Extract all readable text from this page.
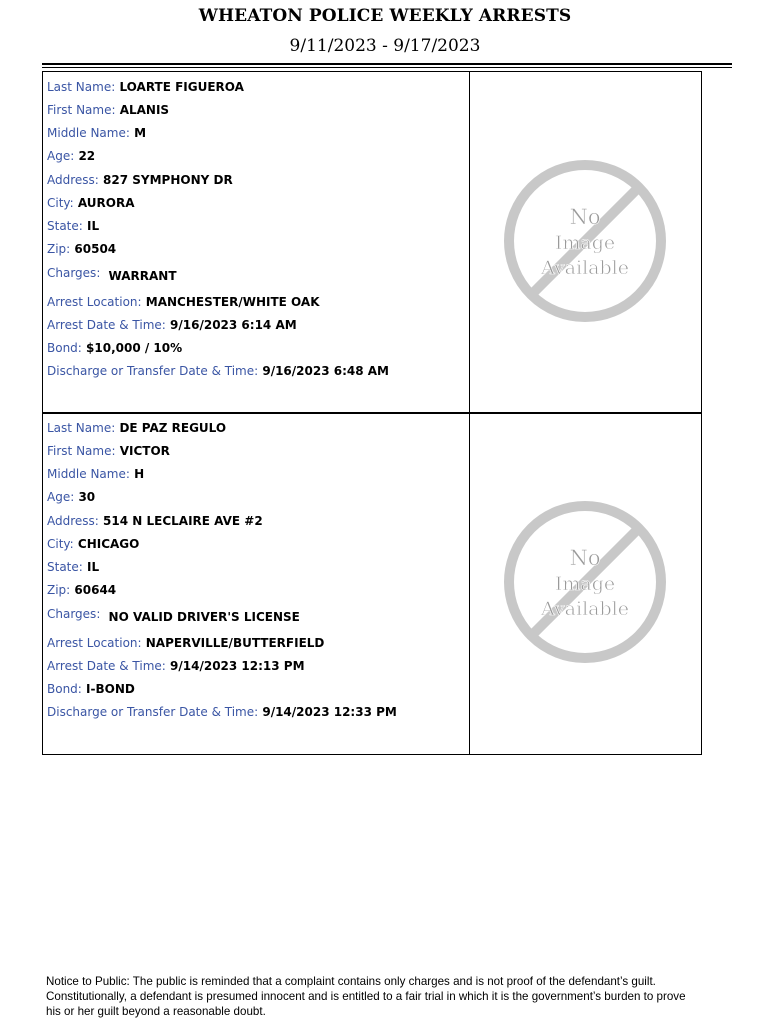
WHEATON POLICE WEEKLY ARRESTS
9/11/2023 - 9/17/2023
Last Name: LOARTE FIGUEROA
First Name: ALANIS
Middle Name: M
Age: 22
Address: 827 SYMPHONY DR
City: AURORA
State: IL
Zip: 60504
Charges: WARRANT
Arrest Location: MANCHESTER/WHITE OAK
Arrest Date & Time: 9/16/2023 6:14 AM
Bond: $10,000 / 10%
Discharge or Transfer Date & Time: 9/16/2023 6:48 AM
No
Image
Available
Last Name: DE PAZ REGULO
First Name: VICTOR
Middle Name: H
Age: 30
Address: 514 N LECLAIRE AVE #2
City: CHICAGO
State: IL
Zip: 60644
Charges: NO VALID DRIVER'S LICENSE
Arrest Location: NAPERVILLE/BUTTERFIELD
Arrest Date & Time: 9/14/2023 12:13 PM
Bond: I-BOND
Discharge or Transfer Date & Time: 9/14/2023 12:33 PM
No
Image
Available
Notice to Public: The public is reminded that a complaint contains only charges and is not proof of the defendant’s guilt. Constitutionally, a defendant is presumed innocent and is entitled to a fair trial in which it is the government’s burden to prove his or her guilt beyond a reasonable doubt.
